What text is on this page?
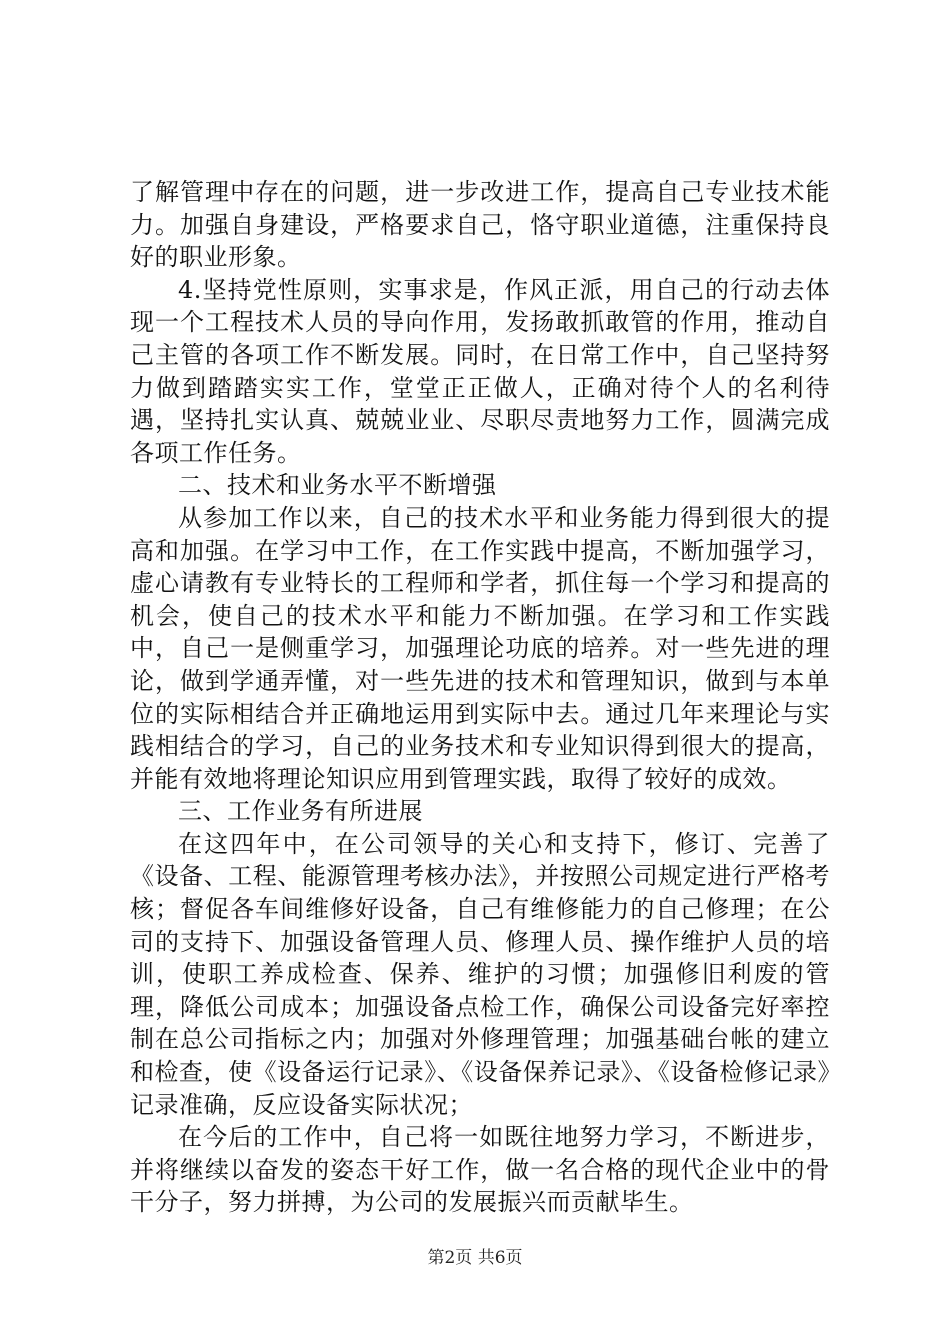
了解管理中存在的问题，进一步改进工作，提高自己专业技术能力。加强自身建设，严格要求自己，恪守职业道德，注重保持良好的职业形象。

4.坚持党性原则，实事求是，作风正派，用自己的行动去体现一个工程技术人员的导向作用，发扬敢抓敢管的作用，推动自己主管的各项工作不断发展。同时，在日常工作中，自己坚持努力做到踏踏实实工作，堂堂正正做人，正确对待个人的名利待遇，坚持扎实认真、兢兢业业、尽职尽责地努力工作，圆满完成各项工作任务。

二、技术和业务水平不断增强

从参加工作以来，自己的技术水平和业务能力得到很大的提高和加强。在学习中工作，在工作实践中提高，不断加强学习，虚心请教有专业特长的工程师和学者，抓住每一个学习和提高的机会，使自己的技术水平和能力不断加强。在学习和工作实践中，自己一是侧重学习，加强理论功底的培养。对一些先进的理论，做到学通弄懂，对一些先进的技术和管理知识，做到与本单位的实际相结合并正确地运用到实际中去。通过几年来理论与实践相结合的学习，自己的业务技术和专业知识得到很大的提高，并能有效地将理论知识应用到管理实践，取得了较好的成效。

三、工作业务有所进展

在这四年中，在公司领导的关心和支持下，修订、完善了《设备、工程、能源管理考核办法》，并按照公司规定进行严格考核；督促各车间维修好设备，自己有维修能力的自己修理；在公司的支持下、加强设备管理人员、修理人员、操作维护人员的培训，使职工养成检查、保养、维护的习惯；加强修旧利废的管理，降低公司成本；加强设备点检工作，确保公司设备完好率控制在总公司指标之内；加强对外修理管理；加强基础台帐的建立和检查，使《设备运行记录》、《设备保养记录》、《设备检修记录》记录准确，反应设备实际状况；

在今后的工作中，自己将一如既往地努力学习，不断进步，并将继续以奋发的姿态干好工作，做一名合格的现代企业中的骨干分子，努力拼搏，为公司的发展振兴而贡献毕生。

第2页 共6页
